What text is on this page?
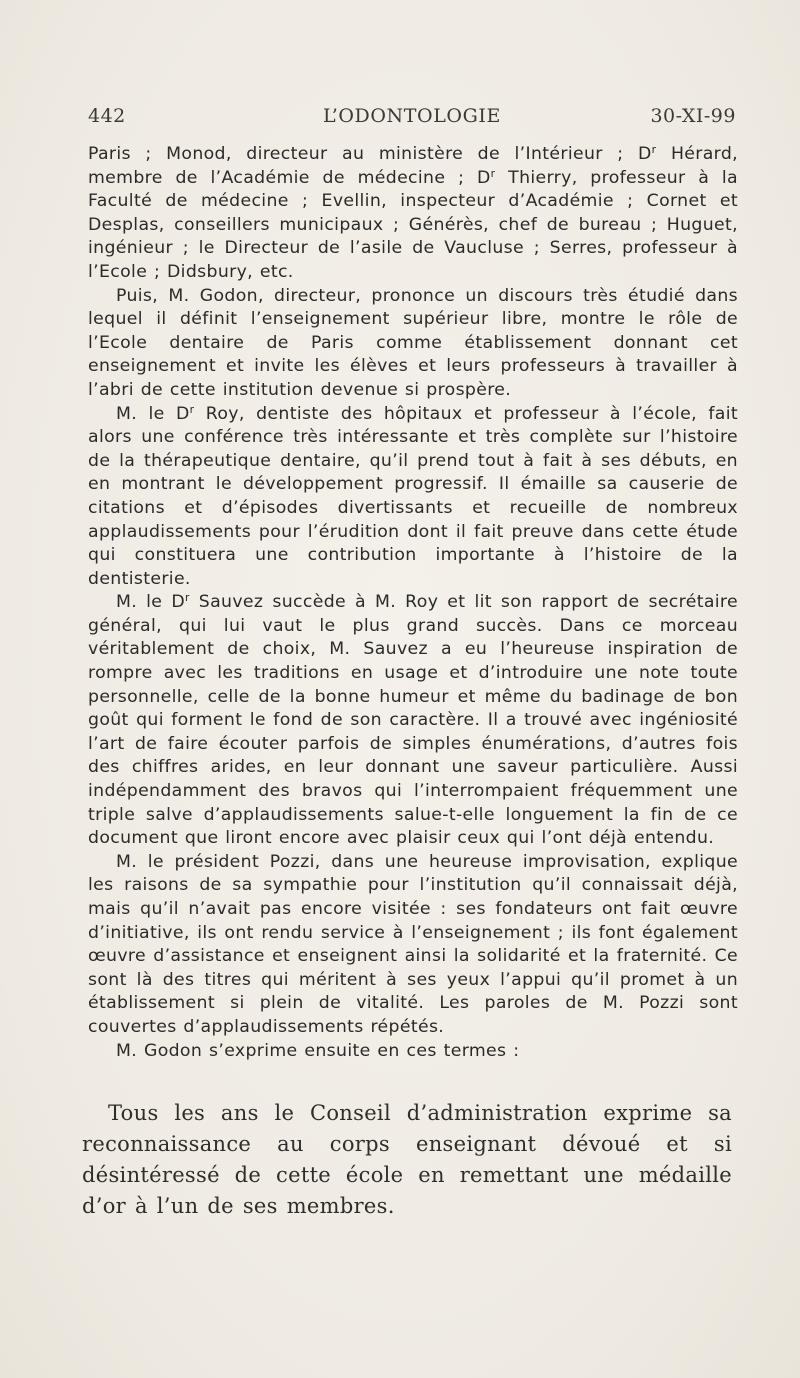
442	L’ODONTOLOGIE	30-XI-99

Paris ; Monod, directeur au ministère de l’Intérieur ; $D^r$ Hérard, membre de l’Académie de médecine ; $D^r$ Thierry, professeur à la Faculté de médecine ; Evellin, inspecteur d’Académie ; Cornet et Desplas, conseillers municipaux ; Générès, chef de bureau ; Huguet, ingénieur ; le Directeur de l’asile de Vaucluse ; Serres, professeur à l’Ecole ; Didsbury, etc.

Puis, M. Godon, directeur, prononce un discours très étudié dans lequel il définit l’enseignement supérieur libre, montre le rôle de l’Ecole dentaire de Paris comme établissement donnant cet enseignement et invite les élèves et leurs professeurs à travailler à l’abri de cette institution devenue si prospère.

M. le $D^r$ Roy, dentiste des hôpitaux et professeur à l’école, fait alors une conférence très intéressante et très complète sur l’histoire de la thérapeutique dentaire, qu’il prend tout à fait à ses débuts, en en montrant le développement progressif. Il émaille sa causerie de citations et d’épisodes divertissants et recueille de nombreux applaudissements pour l’érudition dont il fait preuve dans cette étude qui constituera une contribution importante à l’histoire de la dentisterie.

M. le $D^r$ Sauvez succède à M. Roy et lit son rapport de secrétaire général, qui lui vaut le plus grand succès. Dans ce morceau véritablement de choix, M. Sauvez a eu l’heureuse inspiration de rompre avec les traditions en usage et d’introduire une note toute personnelle, celle de la bonne humeur et même du badinage de bon goût qui forment le fond de son caractère. Il a trouvé avec ingéniosité l’art de faire écouter parfois de simples énumérations, d’autres fois des chiffres arides, en leur donnant une saveur particulière. Aussi indépendamment des bravos qui l’interrompaient fréquemment une triple salve d’applaudissements salue-t-elle longuement la fin de ce document que liront encore avec plaisir ceux qui l’ont déjà entendu.

M. le président Pozzi, dans une heureuse improvisation, explique les raisons de sa sympathie pour l’institution qu’il connaissait déjà, mais qu’il n’avait pas encore visitée : ses fondateurs ont fait œuvre d’initiative, ils ont rendu service à l’enseignement ; ils font également œuvre d’assistance et enseignent ainsi la solidarité et la fraternité. Ce sont là des titres qui méritent à ses yeux l’appui qu’il promet à un établissement si plein de vitalité. Les paroles de M. Pozzi sont couvertes d’applaudissements répétés.

M. Godon s’exprime ensuite en ces termes :

Tous les ans le Conseil d’administration exprime sa reconnaissance au corps enseignant dévoué et si désintéressé de cette école en remettant une médaille d’or à l’un de ses membres.
